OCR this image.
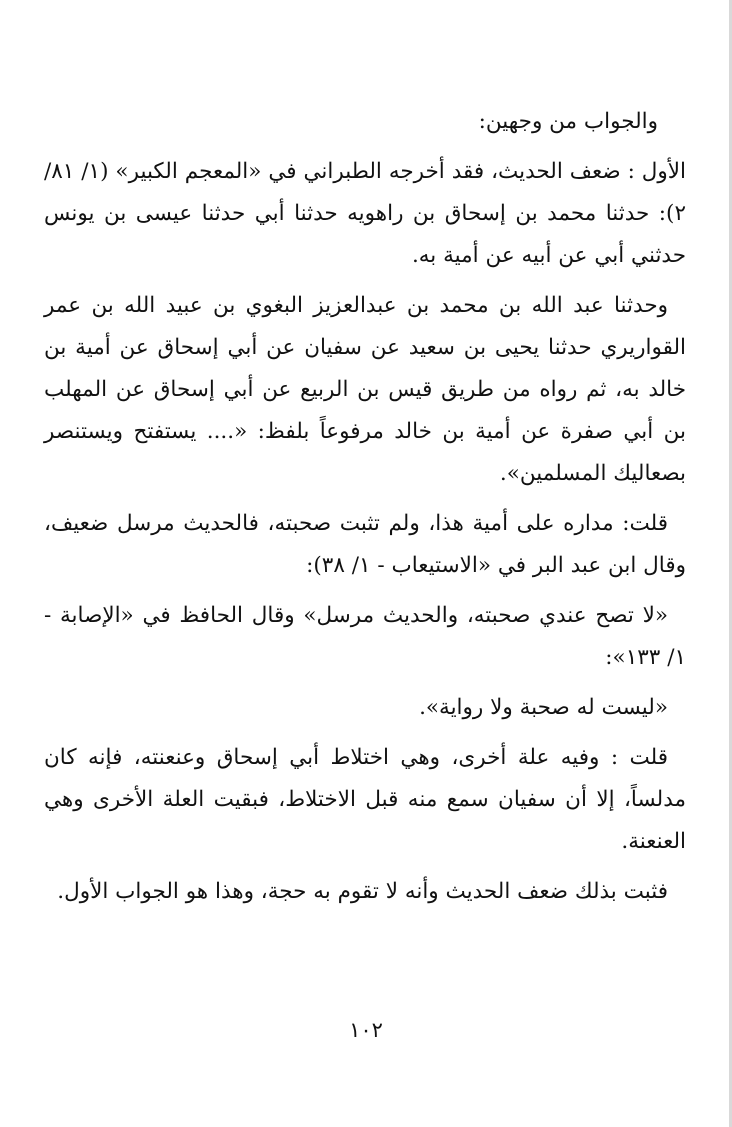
والجواب من وجهين:

الأول : ضعف الحديث، فقد أخرجه الطبراني في «المعجم الكبير» (١/ ٨١/ ٢): حدثنا محمد بن إسحاق بن راهويه حدثنا أبي حدثنا عيسى بن يونس حدثني أبي عن أبيه عن أمية به.

وحدثنا عبد الله بن محمد بن عبدالعزيز البغوي بن عبيد الله بن عمر القواريري حدثنا يحيى بن سعيد عن سفيان عن أبي إسحاق عن أمية بن خالد به، ثم رواه من طريق قيس بن الربيع عن أبي إسحاق عن المهلب بن أبي صفرة عن أمية بن خالد مرفوعاً بلفظ: «.... يستفتح ويستنصر بصعاليك المسلمين».

قلت: مداره على أمية هذا، ولم تثبت صحبته، فالحديث مرسل ضعيف، وقال ابن عبد البر في «الاستيعاب - ١/ ٣٨):

«لا تصح عندي صحبته، والحديث مرسل» وقال الحافظ في «الإصابة - ١/ ١٣٣»:

«ليست له صحبة ولا رواية».

قلت : وفيه علة أخرى، وهي اختلاط أبي إسحاق وعنعنته، فإنه كان مدلساً، إلا أن سفيان سمع منه قبل الاختلاط، فبقيت العلة الأخرى وهي العنعنة.

فثبت بذلك ضعف الحديث وأنه لا تقوم به حجة، وهذا هو الجواب الأول.

١٠٢
